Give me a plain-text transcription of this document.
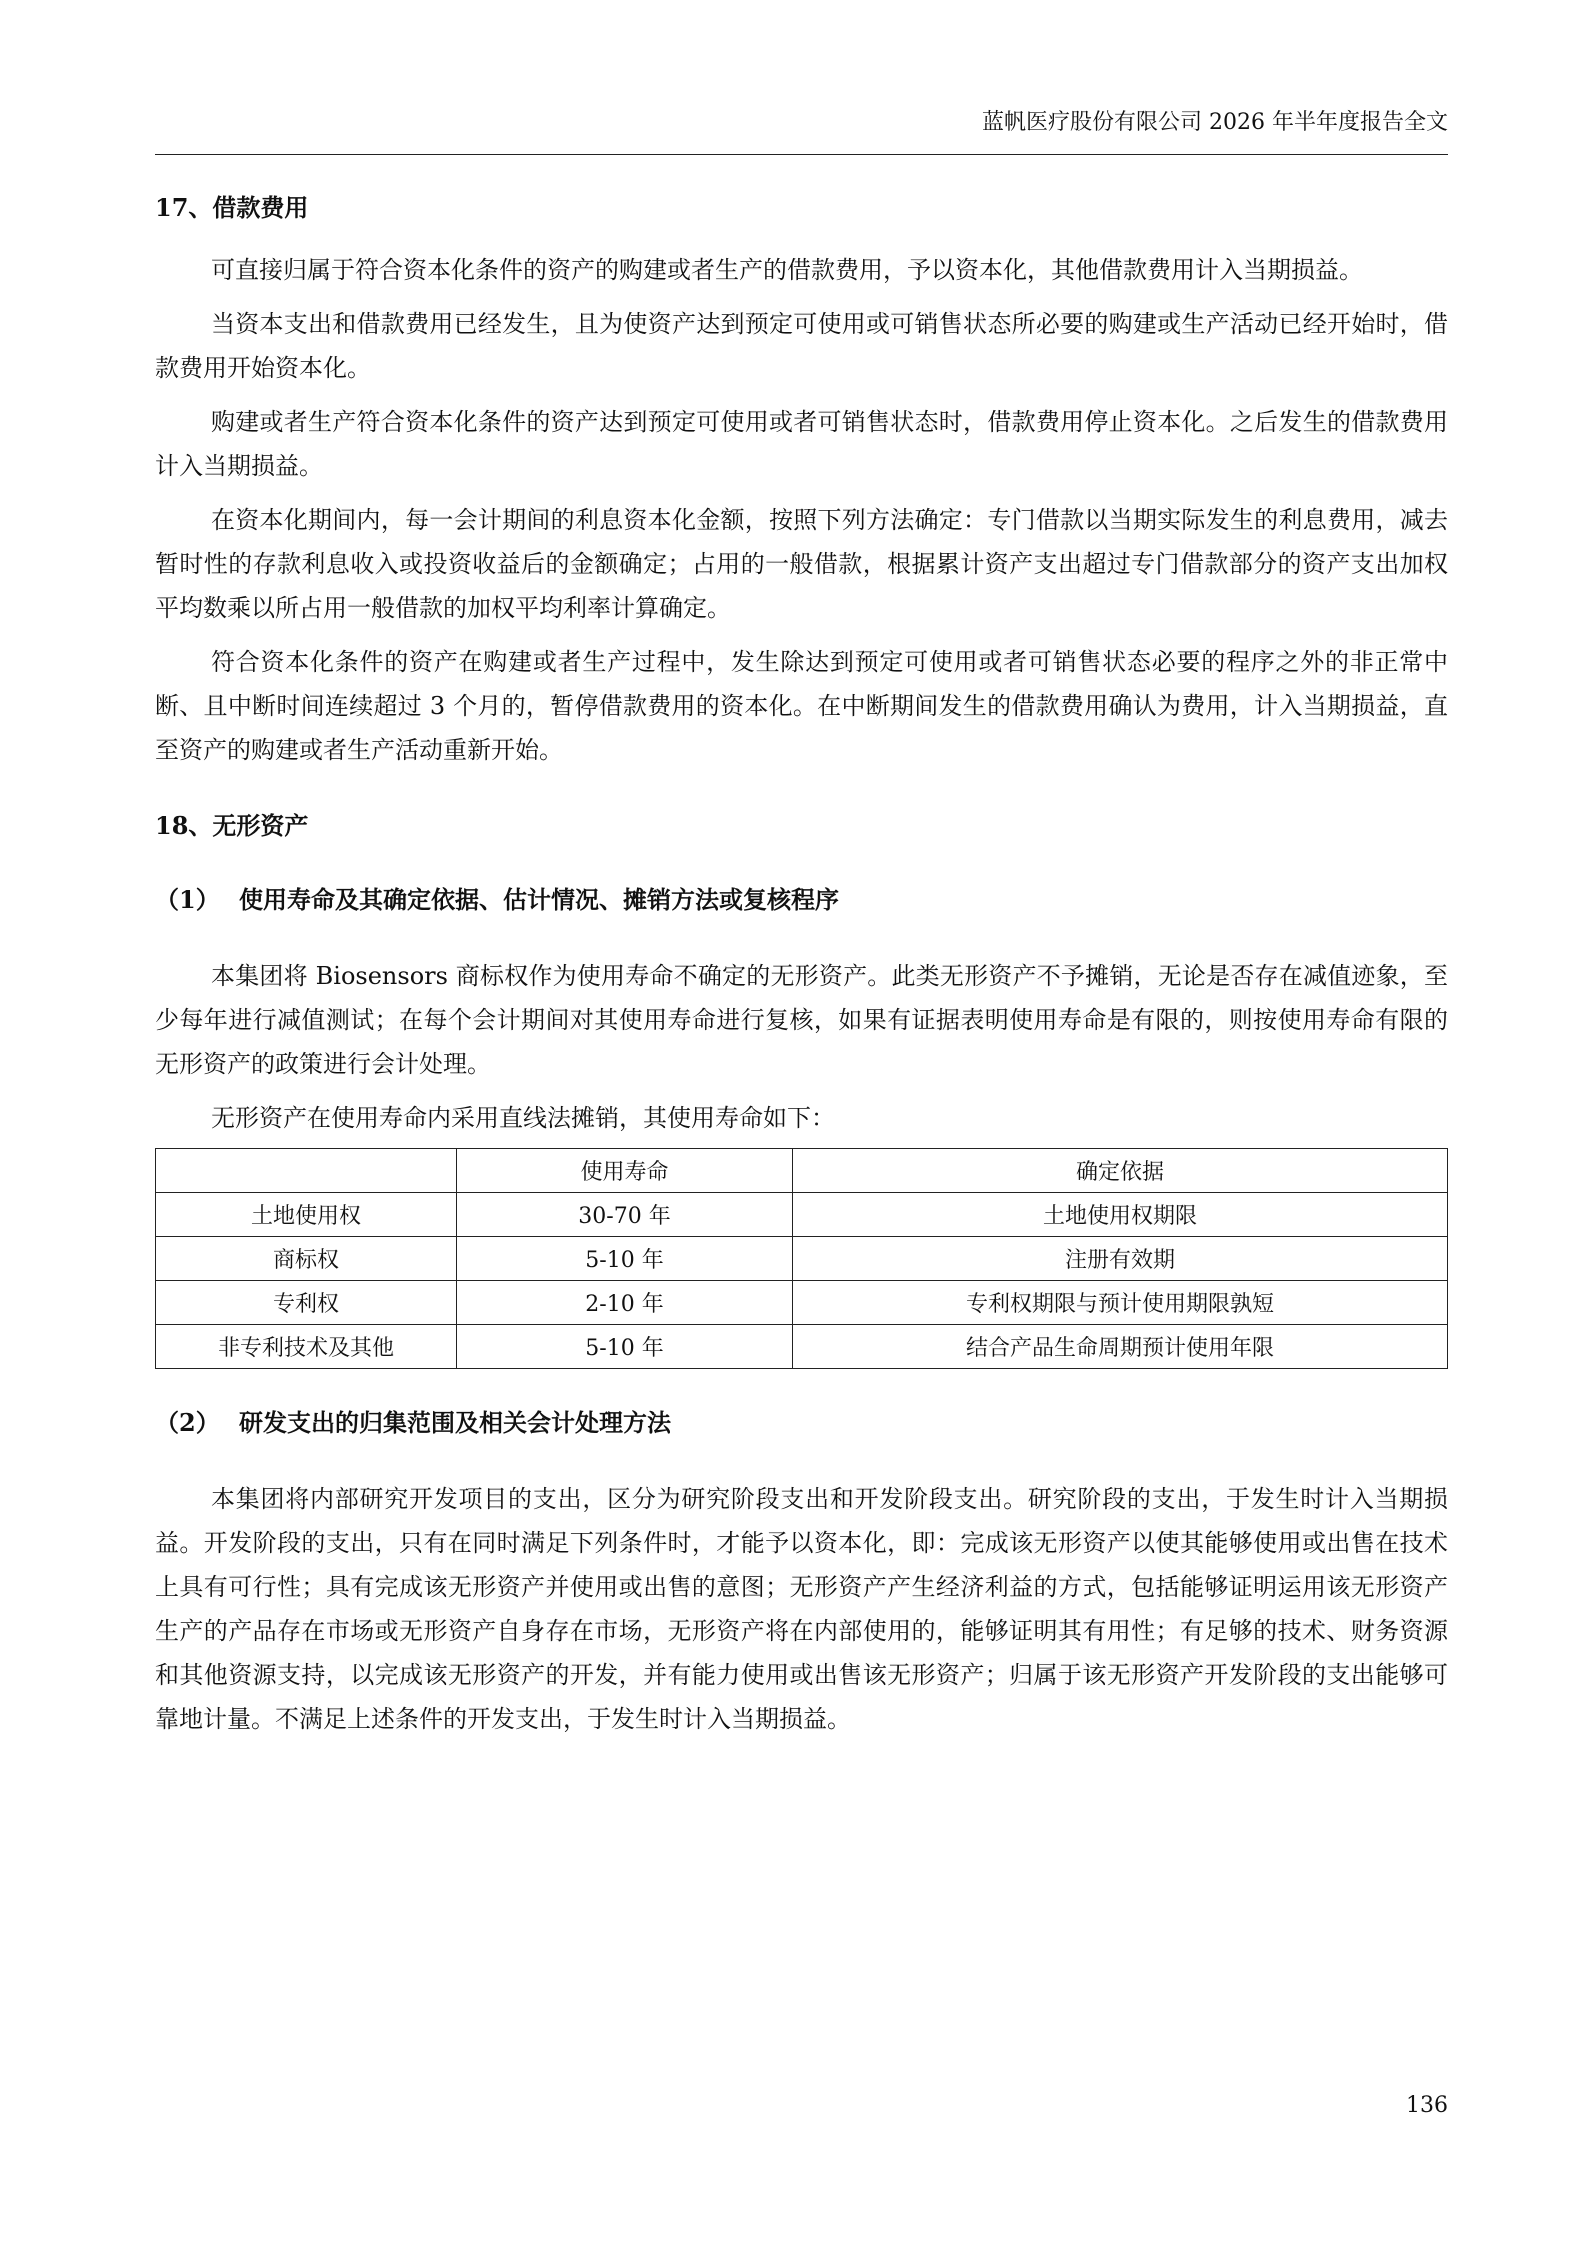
蓝帆医疗股份有限公司 2026 年半年度报告全文
17、借款费用

可直接归属于符合资本化条件的资产的购建或者生产的借款费用，予以资本化，其他借款费用计入当期损益。

当资本支出和借款费用已经发生，且为使资产达到预定可使用或可销售状态所必要的购建或生产活动已经开始时，借款费用开始资本化。

购建或者生产符合资本化条件的资产达到预定可使用或者可销售状态时，借款费用停止资本化。之后发生的借款费用计入当期损益。

在资本化期间内，每一会计期间的利息资本化金额，按照下列方法确定：专门借款以当期实际发生的利息费用，减去暂时性的存款利息收入或投资收益后的金额确定；占用的一般借款，根据累计资产支出超过专门借款部分的资产支出加权平均数乘以所占用一般借款的加权平均利率计算确定。

符合资本化条件的资产在购建或者生产过程中，发生除达到预定可使用或者可销售状态必要的程序之外的非正常中断、且中断时间连续超过 3 个月的，暂停借款费用的资本化。在中断期间发生的借款费用确认为费用，计入当期损益，直至资产的购建或者生产活动重新开始。

18、无形资产
（1） 使用寿命及其确定依据、估计情况、摊销方法或复核程序

本集团将 Biosensors 商标权作为使用寿命不确定的无形资产。此类无形资产不予摊销，无论是否存在减值迹象，至少每年进行减值测试；在每个会计期间对其使用寿命进行复核，如果有证据表明使用寿命是有限的，则按使用寿命有限的无形资产的政策进行会计处理。

无形资产在使用寿命内采用直线法摊销，其使用寿命如下：

	使用寿命	确定依据
土地使用权	30-70 年	土地使用权期限
商标权	5-10 年	注册有效期
专利权	2-10 年	专利权期限与预计使用期限孰短
非专利技术及其他	5-10 年	结合产品生命周期预计使用年限
（2） 研发支出的归集范围及相关会计处理方法

本集团将内部研究开发项目的支出，区分为研究阶段支出和开发阶段支出。研究阶段的支出，于发生时计入当期损益。开发阶段的支出，只有在同时满足下列条件时，才能予以资本化，即：完成该无形资产以使其能够使用或出售在技术上具有可行性；具有完成该无形资产并使用或出售的意图；无形资产产生经济利益的方式，包括能够证明运用该无形资产生产的产品存在市场或无形资产自身存在市场，无形资产将在内部使用的，能够证明其有用性；有足够的技术、财务资源和其他资源支持，以完成该无形资产的开发，并有能力使用或出售该无形资产；归属于该无形资产开发阶段的支出能够可靠地计量。不满足上述条件的开发支出，于发生时计入当期损益。

136
